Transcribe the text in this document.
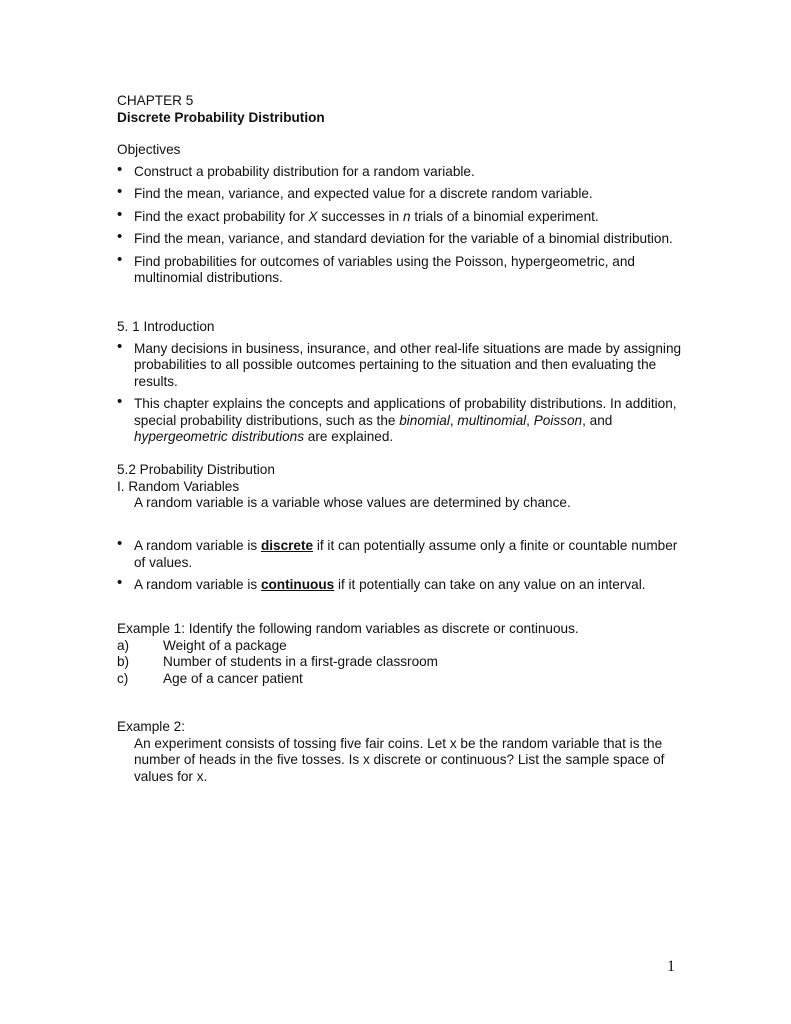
CHAPTER 5
Discrete Probability Distribution
Objectives
• Construct a probability distribution for a random variable.
• Find the mean, variance, and expected value for a discrete random variable.
• Find the exact probability for X successes in n trials of a binomial experiment.
• Find the mean, variance, and standard deviation for the variable of a binomial distribution.
• Find probabilities for outcomes of variables using the Poisson, hypergeometric, and multinomial distributions.
5. 1 Introduction
• Many decisions in business, insurance, and other real-life situations are made by assigning probabilities to all possible outcomes pertaining to the situation and then evaluating the results.
• This chapter explains the concepts and applications of probability distributions. In addition, special probability distributions, such as the binomial, multinomial, Poisson, and hypergeometric distributions are explained.
5.2 Probability Distribution
I. Random Variables
A random variable is a variable whose values are determined by chance.
• A random variable is discrete if it can potentially assume only a finite or countable number of values.
• A random variable is continuous if it potentially can take on any value on an interval.
Example 1: Identify the following random variables as discrete or continuous.
a)	Weight of a package
b)	Number of students in a first-grade classroom
c)	Age of a cancer patient
Example 2:
An experiment consists of tossing five fair coins. Let x be the random variable that is the number of heads in the five tosses. Is x discrete or continuous? List the sample space of values for x.
1
